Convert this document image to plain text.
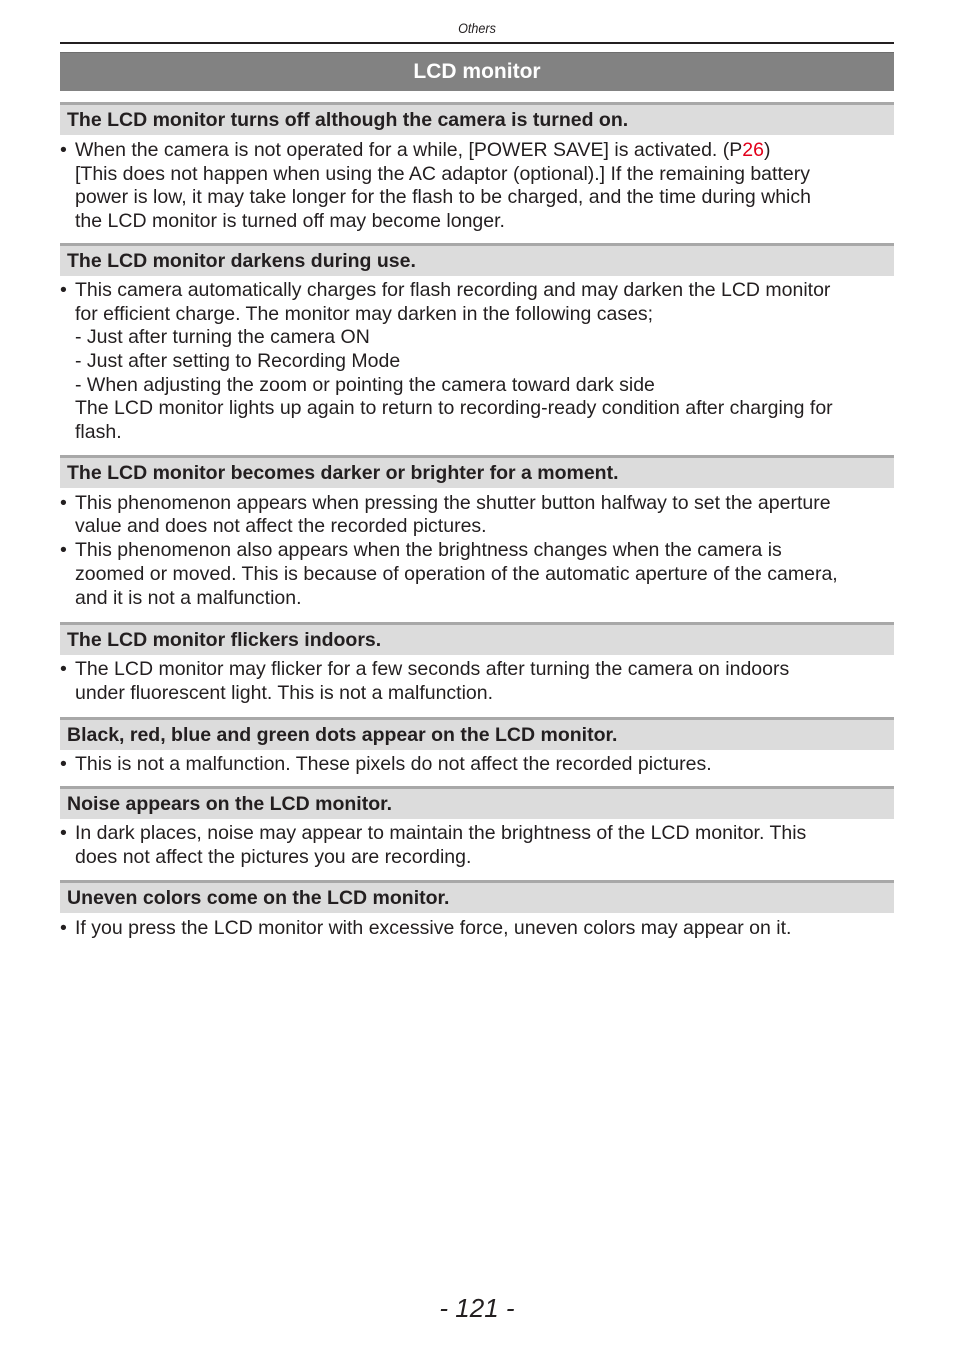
Others
LCD monitor
The LCD monitor turns off although the camera is turned on.
• When the camera is not operated for a while, [POWER SAVE] is activated. (P26)
[This does not happen when using the AC adaptor (optional).] If the remaining battery
power is low, it may take longer for the flash to be charged, and the time during which
the LCD monitor is turned off may become longer.
The LCD monitor darkens during use.
• This camera automatically charges for flash recording and may darken the LCD monitor
for efficient charge. The monitor may darken in the following cases;
- Just after turning the camera ON
- Just after setting to Recording Mode
- When adjusting the zoom or pointing the camera toward dark side
The LCD monitor lights up again to return to recording-ready condition after charging for
flash.
The LCD monitor becomes darker or brighter for a moment.
• This phenomenon appears when pressing the shutter button halfway to set the aperture
value and does not affect the recorded pictures.
• This phenomenon also appears when the brightness changes when the camera is
zoomed or moved. This is because of operation of the automatic aperture of the camera,
and it is not a malfunction.
The LCD monitor flickers indoors.
• The LCD monitor may flicker for a few seconds after turning the camera on indoors
under fluorescent light. This is not a malfunction.
Black, red, blue and green dots appear on the LCD monitor.
• This is not a malfunction. These pixels do not affect the recorded pictures.
Noise appears on the LCD monitor.
• In dark places, noise may appear to maintain the brightness of the LCD monitor. This
does not affect the pictures you are recording.
Uneven colors come on the LCD monitor.
• If you press the LCD monitor with excessive force, uneven colors may appear on it.
- 121 -
